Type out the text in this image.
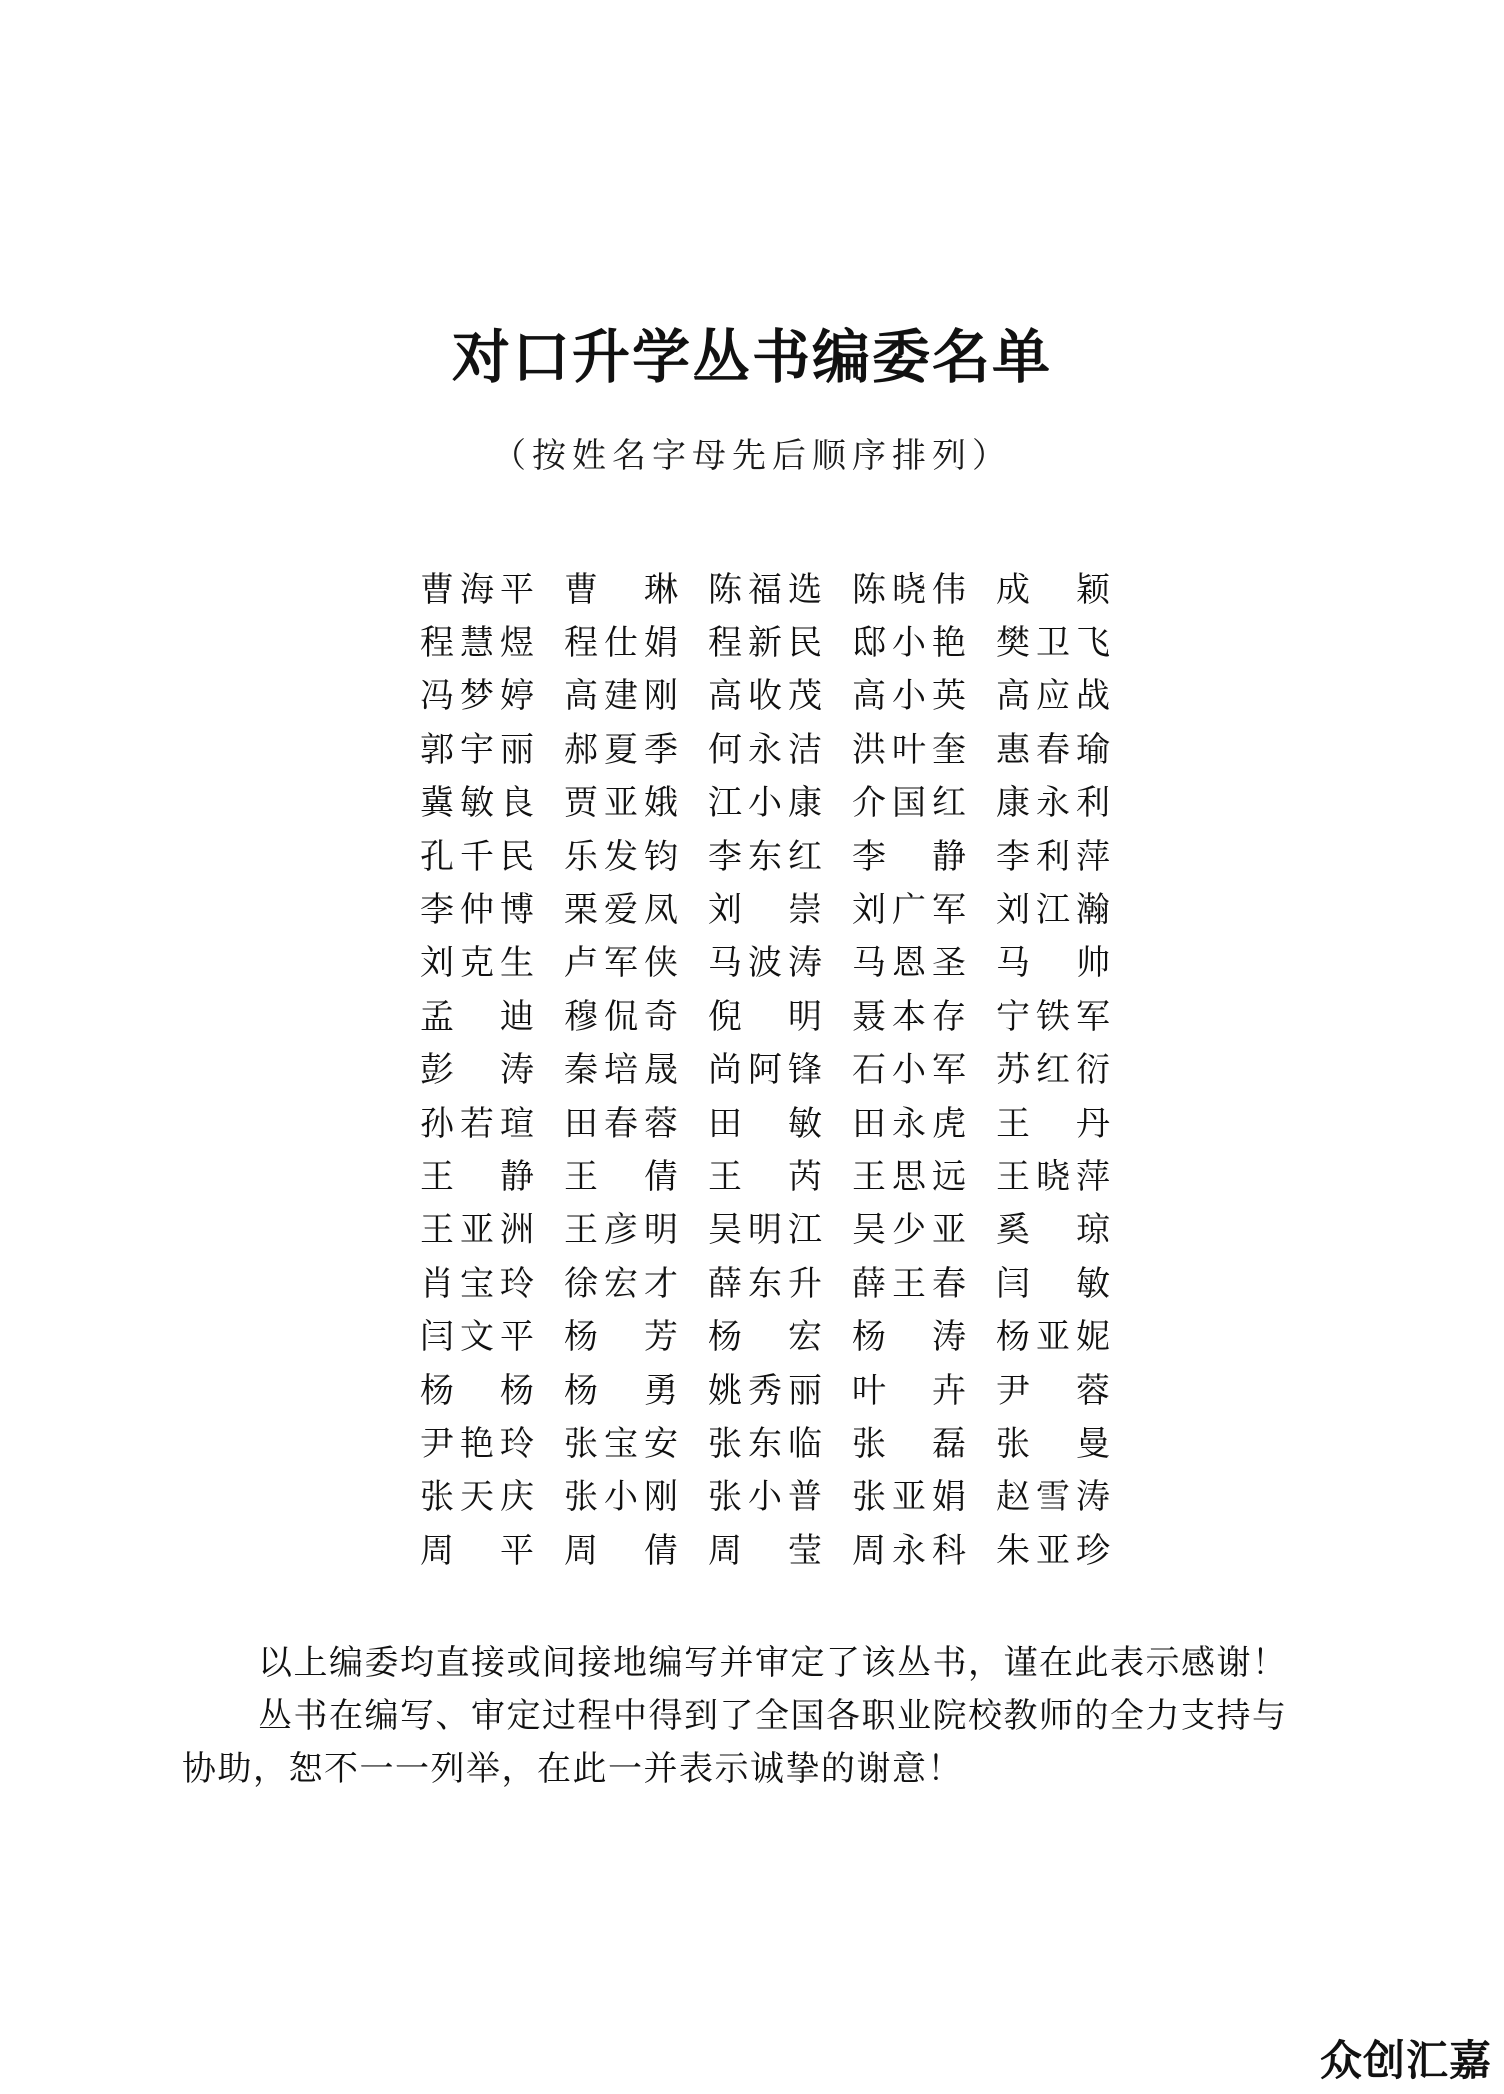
对口升学丛书编委名单
（按姓名字母先后顺序排列）
曹 海 平 曹 琳 陈 福 选 陈 晓 伟 成 颖
程 慧 煜 程 仕 娟 程 新 民 邸 小 艳 樊 卫 飞
冯 梦 婷 高 建 刚 高 收 茂 高 小 英 高 应 战
郭 宇 丽 郝 夏 季 何 永 洁 洪 叶 奎 惠 春 瑜
冀 敏 良 贾 亚 娥 江 小 康 介 国 红 康 永 利
孔 千 民 乐 发 钧 李 东 红 李 静 李 利 萍
李 仲 博 栗 爱 凤 刘 崇 刘 广 军 刘 江 瀚
刘 克 生 卢 军 侠 马 波 涛 马 恩 圣 马 帅
孟 迪 穆 侃 奇 倪 明 聂 本 存 宁 铁 军
彭 涛 秦 培 晟 尚 阿 锋 石 小 军 苏 红 衍
孙 若 瑄 田 春 蓉 田 敏 田 永 虎 王 丹
王 静 王 倩 王 芮 王 思 远 王 晓 萍
王 亚 洲 王 彦 明 吴 明 江 吴 少 亚 奚 琼
肖 宝 玲 徐 宏 才 薛 东 升 薛 王 春 闫 敏
闫 文 平 杨 芳 杨 宏 杨 涛 杨 亚 妮
杨 杨 杨 勇 姚 秀 丽 叶 卉 尹 蓉
尹 艳 玲 张 宝 安 张 东 临 张 磊 张 曼
张 天 庆 张 小 刚 张 小 普 张 亚 娟 赵 雪 涛
周 平 周 倩 周 莹 周 永 科 朱 亚 珍
以上编委均直接或间接地编写并审定了该丛书，谨在此表示感谢！
丛书在编写、审定过程中得到了全国各职业院校教师的全力支持与协助，恕不一一列举，在此一并表示诚挚的谢意！
众创汇嘉
